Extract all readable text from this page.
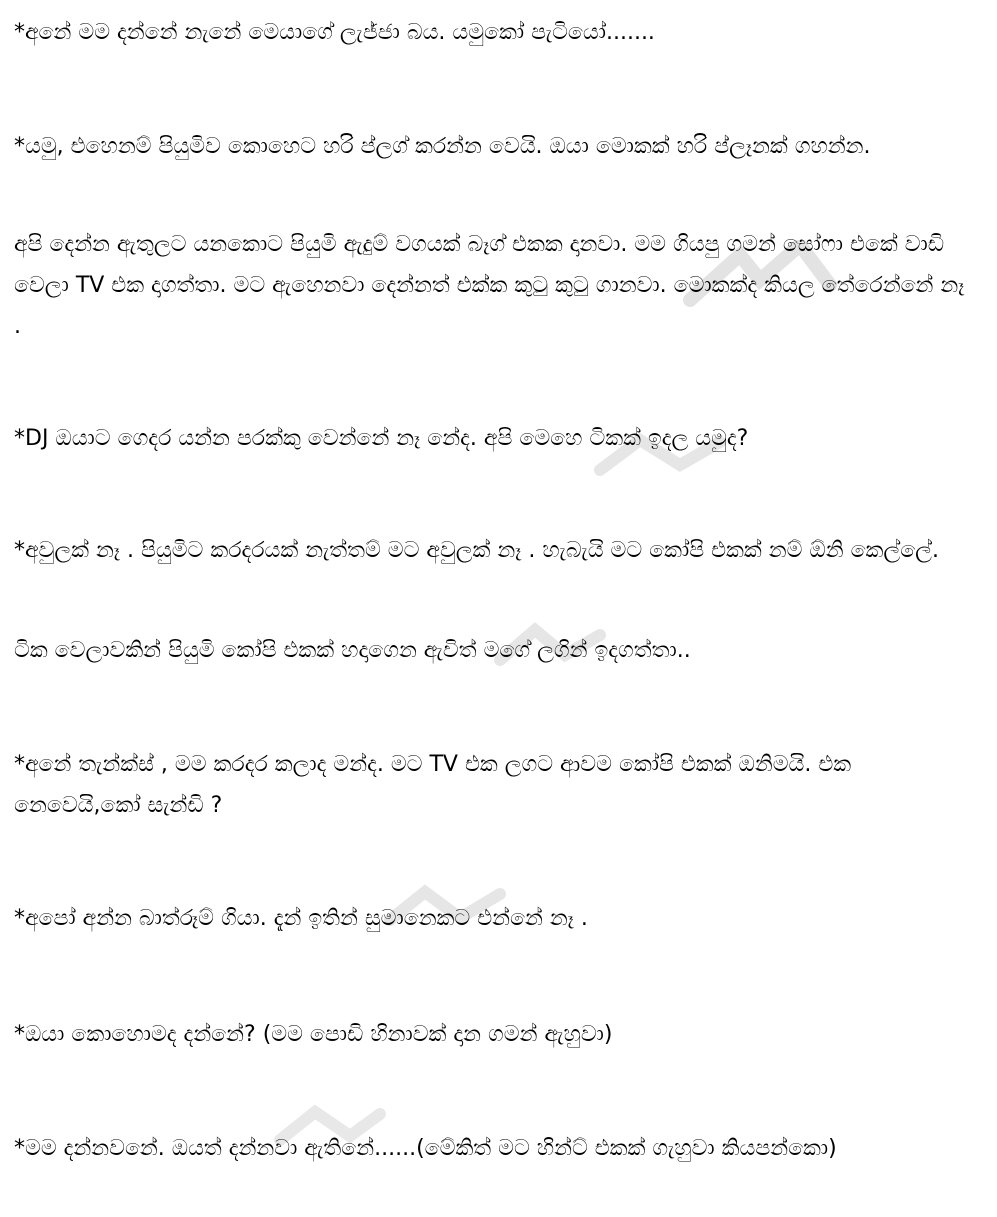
*අනේ මම දන්නේ නැනේ මෙයාගේ ලැජ්ජා බය. යමුකෝ පැටියෝ.......

*යමු, එහෙනම් පියුමිව කොහෙට හරි ප්ලග් කරන්න වෙයි. ඔයා මොකක් හරි ප්ලෑනක් ගහන්න.

අපි දෙන්න ඇතුලට යනකොට පියුමි ඇදුම් වගයක් බෑග් එකක දානවා. මම ගියපු ගමන් සෝෆා එකේ වාඩි වෙලා TV එක දාගත්තා. මට ඇහෙනවා දෙන්නත් එක්ක කුටු කුටු ගානවා. මොකක්ද කියල තේරෙන්නේ නෑ .

*DJ ඔයාට ගෙදර යන්න පරක්කු වෙන්නේ නෑ නේද. අපි මෙහෙ ටිකක් ඉදල යමුද?

*අවුලක් නෑ . පියුමිට කරදරයක් නැත්තම් මට අවුලක් නෑ . හැබැයි මට කෝපි එකක් නම් ඕනි කෙල්ලේ.

ටික වෙලාවකින් පියුමි කෝපි එකක් හදාගෙන ඇවිත් මගේ ලගින් ඉදගත්තා..

*අනේ තැන්ක්ස් , මම කරදර කලාද මන්ද. මට TV එක ලගට ආවම කෝපි එකක් ඔනිමයි. එක නෙවෙයි,කෝ සැන්ඩි ?

*අපෝ අන්න බාත්රූම් ගියා. දැන් ඉතින් සුමානෙකට එන්නේ නෑ .

*ඔයා කොහොමද දන්නේ? (මම පොඩි හිනාවක් දාන ගමන් ඇහුවා)

*මම දන්නවනේ. ඔයත් දන්නවා ඇතිනේ......(මේකිත් මට හින්ට් එකක් ගැහුවා කියපන්කො)
